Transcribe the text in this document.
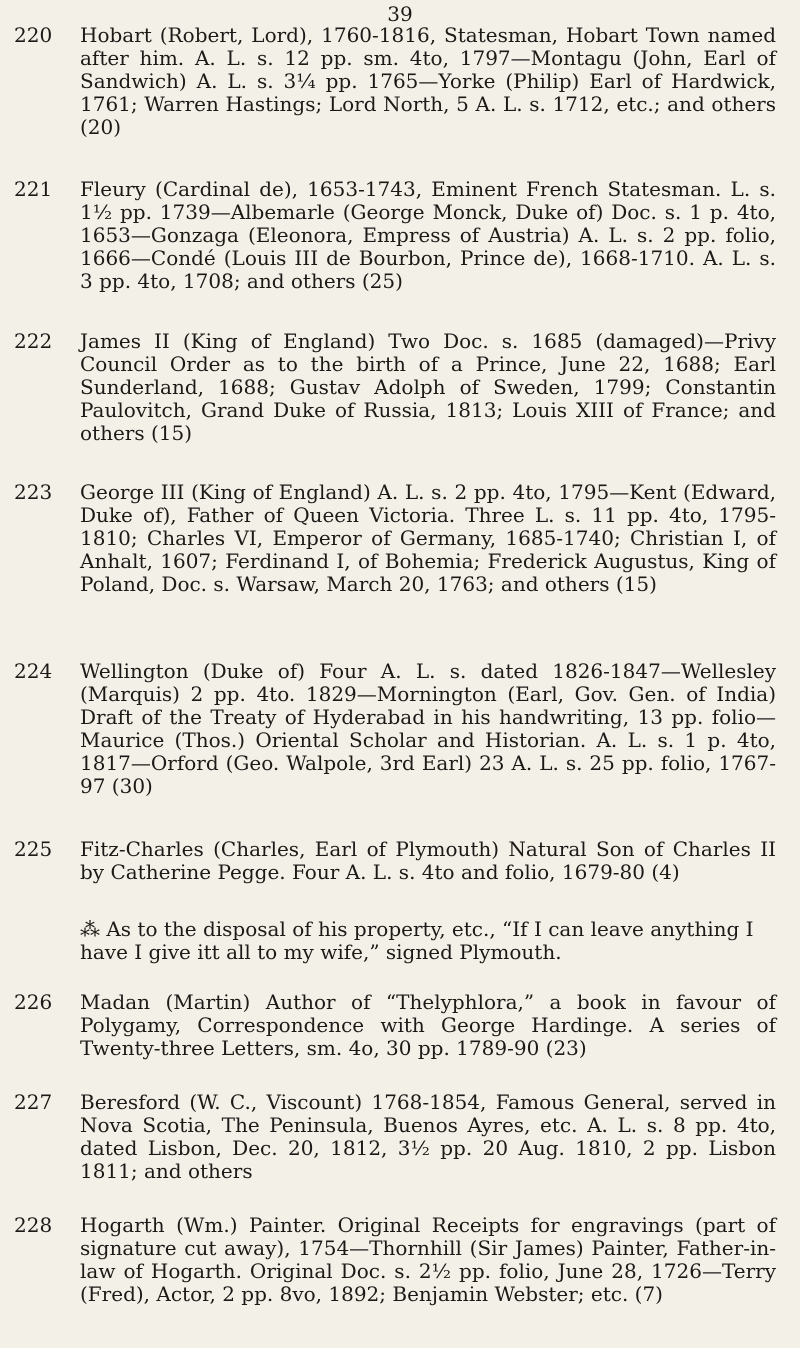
39
220 Hobart (Robert, Lord), 1760-1816, Statesman, Hobart Town named after him. A. L. s. 12 pp. sm. 4to, 1797—Montagu (John, Earl of Sandwich) A. L. s. 3¼ pp. 1765—Yorke (Philip) Earl of Hardwick, 1761; Warren Hastings; Lord North, 5 A. L. s. 1712, etc.; and others (20)
221 Fleury (Cardinal de), 1653-1743, Eminent French Statesman. L. s. 1½ pp. 1739—Albemarle (George Monck, Duke of) Doc. s. 1 p. 4to, 1653—Gonzaga (Eleonora, Empress of Austria) A. L. s. 2 pp. folio, 1666—Condé (Louis III de Bourbon, Prince de), 1668-1710. A. L. s. 3 pp. 4to, 1708; and others (25)
222 James II (King of England) Two Doc. s. 1685 (damaged)—Privy Council Order as to the birth of a Prince, June 22, 1688; Earl Sunderland, 1688; Gustav Adolph of Sweden, 1799; Constantin Paulovitch, Grand Duke of Russia, 1813; Louis XIII of France; and others (15)
223 George III (King of England) A. L. s. 2 pp. 4to, 1795—Kent (Edward, Duke of), Father of Queen Victoria. Three L. s. 11 pp. 4to, 1795-1810; Charles VI, Emperor of Germany, 1685-1740; Christian I, of Anhalt, 1607; Ferdinand I, of Bohemia; Frederick Augustus, King of Poland, Doc. s. Warsaw, March 20, 1763; and others (15)
224 Wellington (Duke of) Four A. L. s. dated 1826-1847—Wellesley (Marquis) 2 pp. 4to. 1829—Mornington (Earl, Gov. Gen. of India) Draft of the Treaty of Hyderabad in his handwriting, 13 pp. folio—Maurice (Thos.) Oriental Scholar and Historian. A. L. s. 1 p. 4to, 1817—Orford (Geo. Walpole, 3rd Earl) 23 A. L. s. 25 pp. folio, 1767-97 (30)
225 Fitz-Charles (Charles, Earl of Plymouth) Natural Son of Charles II by Catherine Pegge. Four A. L. s. 4to and folio, 1679-80 (4)
⁂ As to the disposal of his property, etc., “If I can leave anything I have I give itt all to my wife,” signed Plymouth.
226 Madan (Martin) Author of “Thelyphlora,” a book in favour of Polygamy, Correspondence with George Hardinge. A series of Twenty-three Letters, sm. 4o, 30 pp. 1789-90 (23)
227 Beresford (W. C., Viscount) 1768-1854, Famous General, served in Nova Scotia, The Peninsula, Buenos Ayres, etc. A. L. s. 8 pp. 4to, dated Lisbon, Dec. 20, 1812, 3½ pp. 20 Aug. 1810, 2 pp. Lisbon 1811; and others
228 Hogarth (Wm.) Painter. Original Receipts for engravings (part of signature cut away), 1754—Thornhill (Sir James) Painter, Father-in-law of Hogarth. Original Doc. s. 2½ pp. folio, June 28, 1726—Terry (Fred), Actor, 2 pp. 8vo, 1892; Benjamin Webster; etc. (7)
